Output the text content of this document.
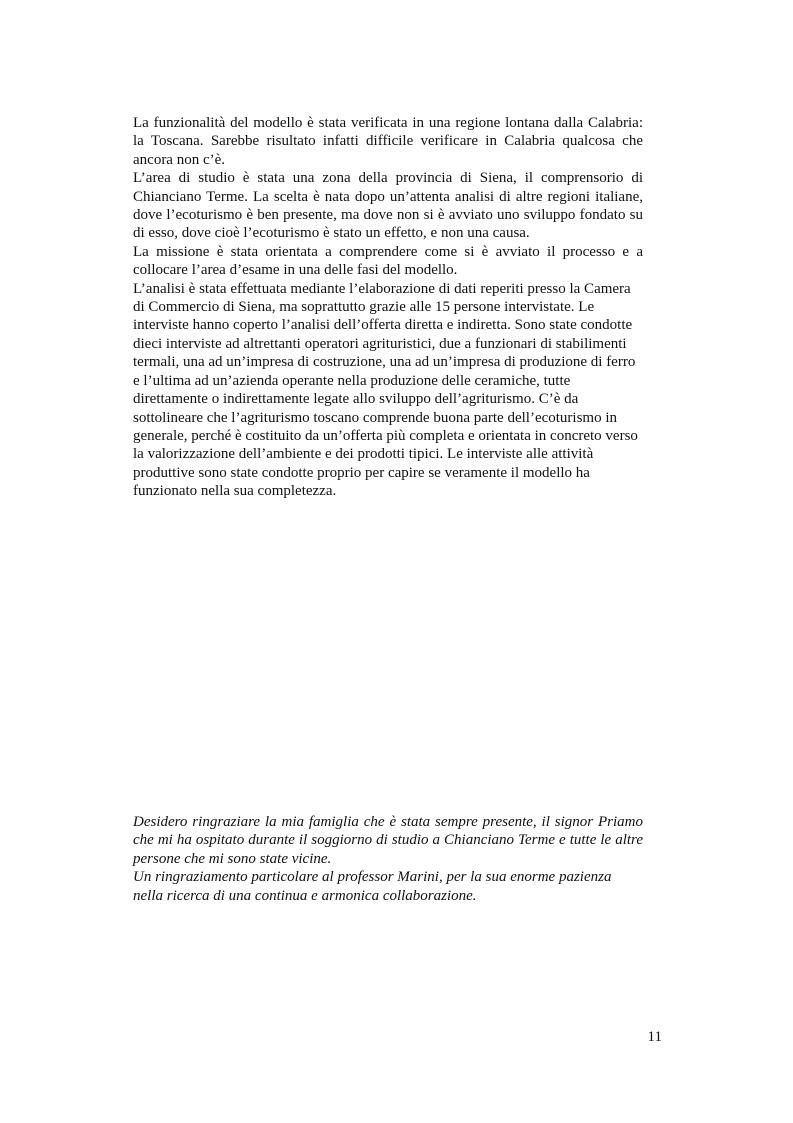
La funzionalità del modello è stata verificata in una regione lontana dalla Calabria: la Toscana. Sarebbe risultato infatti difficile verificare in Calabria qualcosa che ancora non c’è.

L’area di studio è stata una zona della provincia di Siena, il comprensorio di Chianciano Terme. La scelta è nata dopo un’attenta analisi di altre regioni italiane, dove l’ecoturismo è ben presente, ma dove non si è avviato uno sviluppo fondato su di esso, dove cioè l’ecoturismo è stato un effetto, e non una causa.

La missione è stata orientata a comprendere come si è avviato il processo e a collocare l’area d’esame in una delle fasi del modello.

L’analisi è stata effettuata mediante l’elaborazione di dati reperiti presso la Camera di Commercio di Siena, ma soprattutto grazie alle 15 persone intervistate. Le interviste hanno coperto l’analisi dell’offerta diretta e indiretta. Sono state condotte dieci interviste ad altrettanti operatori agrituristici, due a funzionari di stabilimenti termali, una ad un’impresa di costruzione, una ad un’impresa di produzione di ferro e l’ultima ad un’azienda operante nella produzione delle ceramiche, tutte direttamente o indirettamente legate allo sviluppo dell’agriturismo. C’è da sottolineare che l’agriturismo toscano comprende buona parte dell’ecoturismo in generale, perché è costituito da un’offerta più completa e orientata in concreto verso la valorizzazione dell’ambiente e dei prodotti tipici. Le interviste alle attività produttive sono state condotte proprio per capire se veramente il modello ha funzionato nella sua completezza.

Desidero ringraziare la mia famiglia che è stata sempre presente, il signor Priamo che mi ha ospitato durante il soggiorno di studio a Chianciano Terme e tutte le altre persone che mi sono state vicine.

Un ringraziamento particolare al professor Marini, per la sua enorme pazienza nella ricerca di una continua e armonica collaborazione.

11
